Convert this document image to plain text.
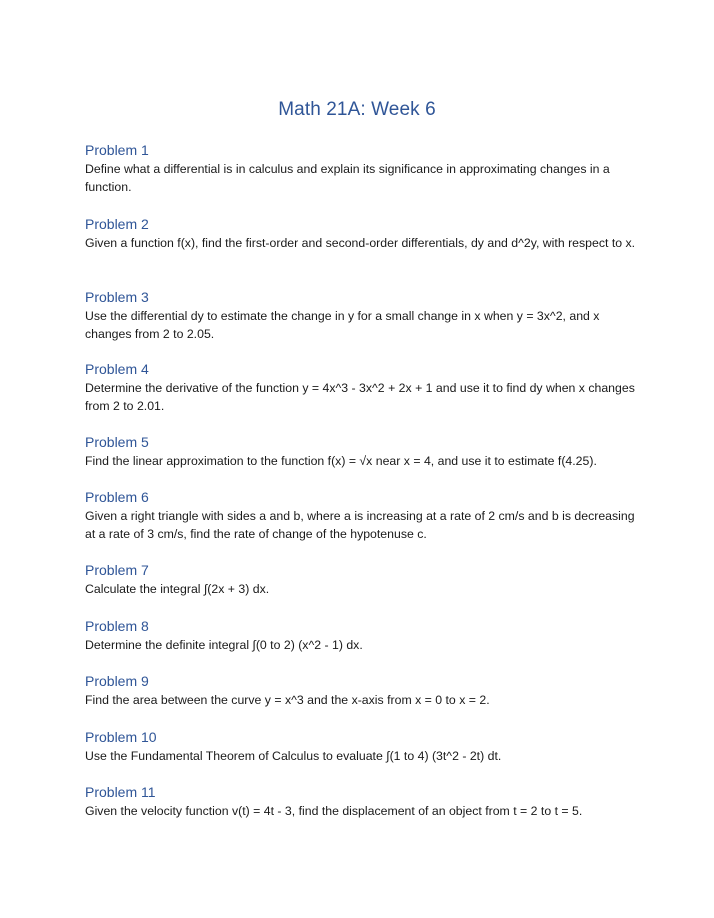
Math 21A: Week 6
Problem 1
Define what a differential is in calculus and explain its significance in approximating changes in a function.
Problem 2
Given a function f(x), find the first-order and second-order differentials, dy and d^2y, with respect to x.
Problem 3
Use the differential dy to estimate the change in y for a small change in x when y = 3x^2, and x changes from 2 to 2.05.
Problem 4
Determine the derivative of the function y = 4x^3 - 3x^2 + 2x + 1 and use it to find dy when x changes from 2 to 2.01.
Problem 5
Find the linear approximation to the function f(x) = √x near x = 4, and use it to estimate f(4.25).
Problem 6
Given a right triangle with sides a and b, where a is increasing at a rate of 2 cm/s and b is decreasing at a rate of 3 cm/s, find the rate of change of the hypotenuse c.
Problem 7
Calculate the integral ∫(2x + 3) dx.
Problem 8
Determine the definite integral ∫(0 to 2) (x^2 - 1) dx.
Problem 9
Find the area between the curve y = x^3 and the x-axis from x = 0 to x = 2.
Problem 10
Use the Fundamental Theorem of Calculus to evaluate ∫(1 to 4) (3t^2 - 2t) dt.
Problem 11
Given the velocity function v(t) = 4t - 3, find the displacement of an object from t = 2 to t = 5.
